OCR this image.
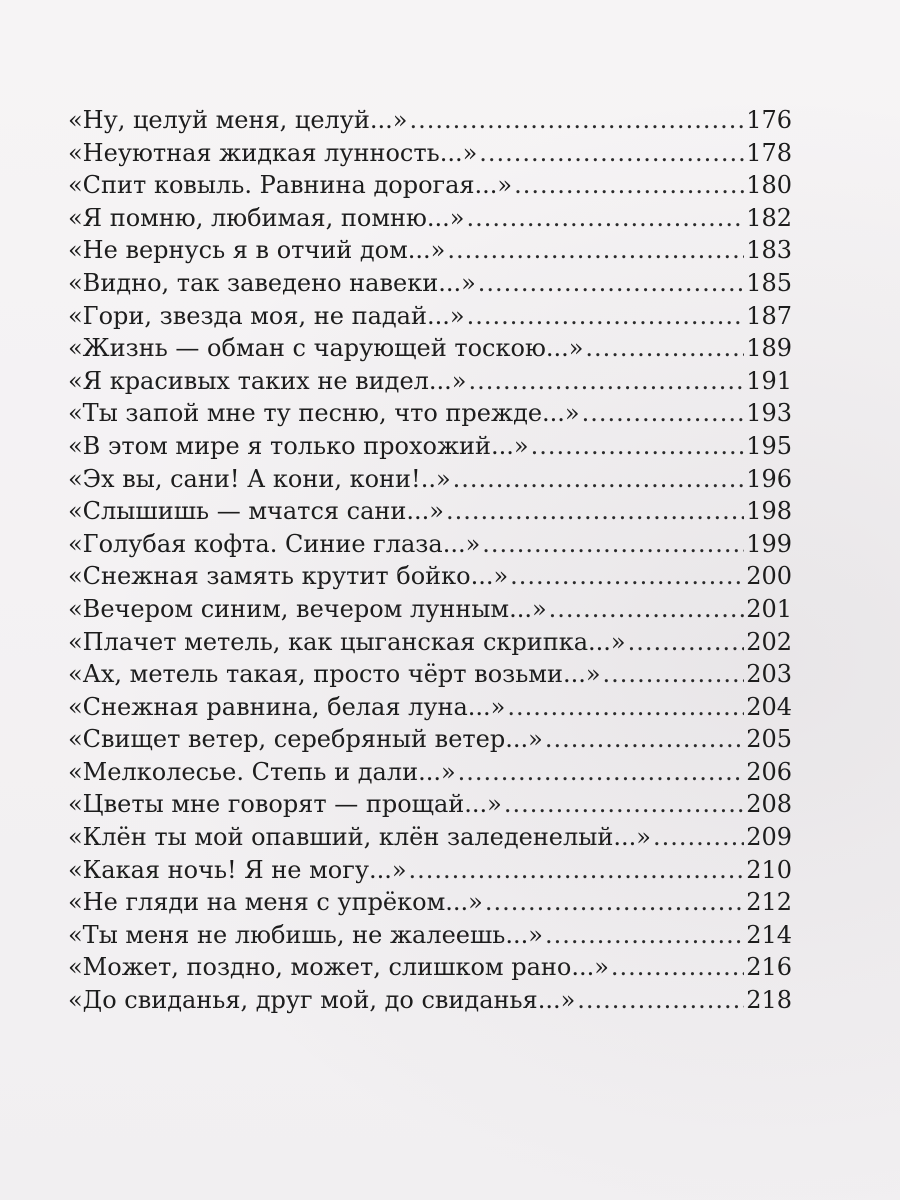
«Ну, целуй меня, целуй...» .....	176
«Неуютная жидкая лунность...» .....	178
«Спит ковыль. Равнина дорогая...» .....	180
«Я помню, любимая, помню...» .....	182
«Не вернусь я в отчий дом...» .....	183
«Видно, так заведено навеки...» .....	185
«Гори, звезда моя, не падай...» .....	187
«Жизнь — обман с чарующей тоскою...» .....	189
«Я красивых таких не видел...» .....	191
«Ты запой мне ту песню, что прежде...» .....	193
«В этом мире я только прохожий...» .....	195
«Эх вы, сани! А кони, кони!..» .....	196
«Слышишь — мчатся сани...» .....	198
«Голубая кофта. Синие глаза...» .....	199
«Снежная замять крутит бойко...» .....	200
«Вечером синим, вечером лунным...» .....	201
«Плачет метель, как цыганская скрипка...» .....	202
«Ах, метель такая, просто чёрт возьми...» .....	203
«Снежная равнина, белая луна...» .....	204
«Свищет ветер, серебряный ветер...» .....	205
«Мелколесье. Степь и дали...» .....	206
«Цветы мне говорят — прощай...» .....	208
«Клён ты мой опавший, клён заледенелый...» .....	209
«Какая ночь! Я не могу...» .....	210
«Не гляди на меня с упрёком...» .....	212
«Ты меня не любишь, не жалеешь...» .....	214
«Может, поздно, может, слишком рано...» .....	216
«До свиданья, друг мой, до свиданья...» .....	218
